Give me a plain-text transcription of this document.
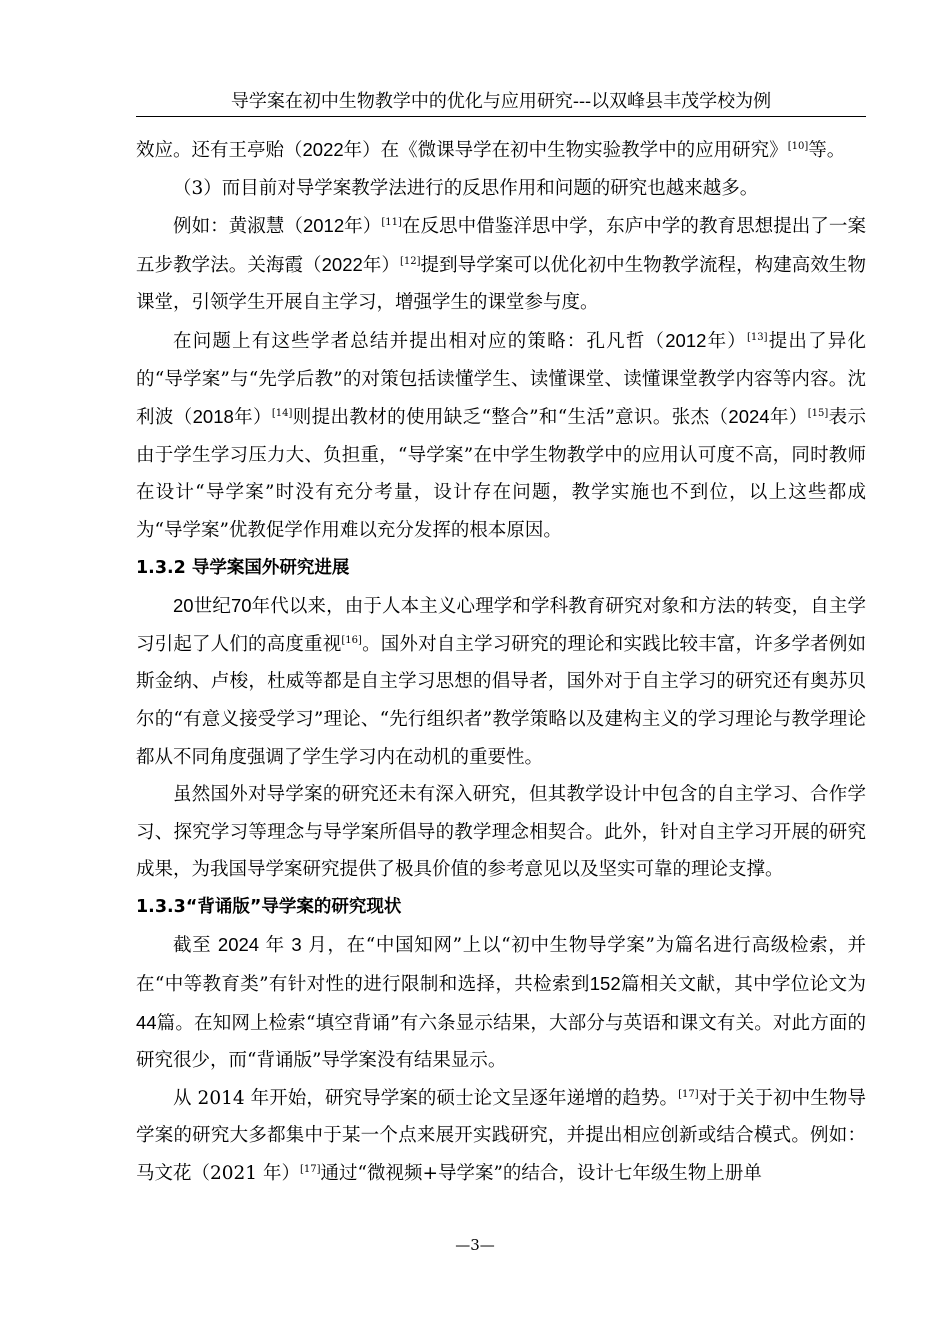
导学案在初中生物教学中的优化与应用研究---以双峰县丰茂学校为例

效应。还有王亭贻（2022年）在《微课导学在初中生物实验教学中的应用研究》[10]等。

（3）而目前对导学案教学法进行的反思作用和问题的研究也越来越多。

例如：黄淑慧（2012年）[11]在反思中借鉴洋思中学，东庐中学的教育思想提出了一案五步教学法。关海霞（2022年）[12]提到导学案可以优化初中生物教学流程，构建高效生物课堂，引领学生开展自主学习，增强学生的课堂参与度。

在问题上有这些学者总结并提出相对应的策略：孔凡哲（2012年）[13]提出了异化的“导学案”与“先学后教”的对策包括读懂学生、读懂课堂、读懂课堂教学内容等内容。沈利波（2018年）[14]则提出教材的使用缺乏“整合”和“生活”意识。张杰（2024年）[15]表示由于学生学习压力大、负担重，“导学案”在中学生物教学中的应用认可度不高，同时教师在设计“导学案”时没有充分考量，设计存在问题，教学实施也不到位，以上这些都成为“导学案”优教促学作用难以充分发挥的根本原因。

1.3.2 导学案国外研究进展

20世纪70年代以来，由于人本主义心理学和学科教育研究对象和方法的转变，自主学习引起了人们的高度重视[16]。国外对自主学习研究的理论和实践比较丰富，许多学者例如斯金纳、卢梭，杜威等都是自主学习思想的倡导者，国外对于自主学习的研究还有奥苏贝尔的“有意义接受学习”理论、“先行组织者”教学策略以及建构主义的学习理论与教学理论都从不同角度强调了学生学习内在动机的重要性。

虽然国外对导学案的研究还未有深入研究，但其教学设计中包含的自主学习、合作学习、探究学习等理念与导学案所倡导的教学理念相契合。此外，针对自主学习开展的研究成果，为我国导学案研究提供了极具价值的参考意见以及坚实可靠的理论支撑。

1.3.3“背诵版”导学案的研究现状

截至 2024 年 3 月，在“中国知网”上以“初中生物导学案”为篇名进行高级检索，并在“中等教育类”有针对性的进行限制和选择，共检索到152篇相关文献，其中学位论文为44篇。在知网上检索“填空背诵”有六条显示结果，大部分与英语和课文有关。对此方面的研究很少，而“背诵版”导学案没有结果显示。

从 2014 年开始，研究导学案的硕士论文呈逐年递增的趋势。[17]对于关于初中生物导学案的研究大多都集中于某一个点来展开实践研究，并提出相应创新或结合模式。例如：马文花（2021 年）[17]通过“微视频+导学案”的结合，设计七年级生物上册单

—3—
